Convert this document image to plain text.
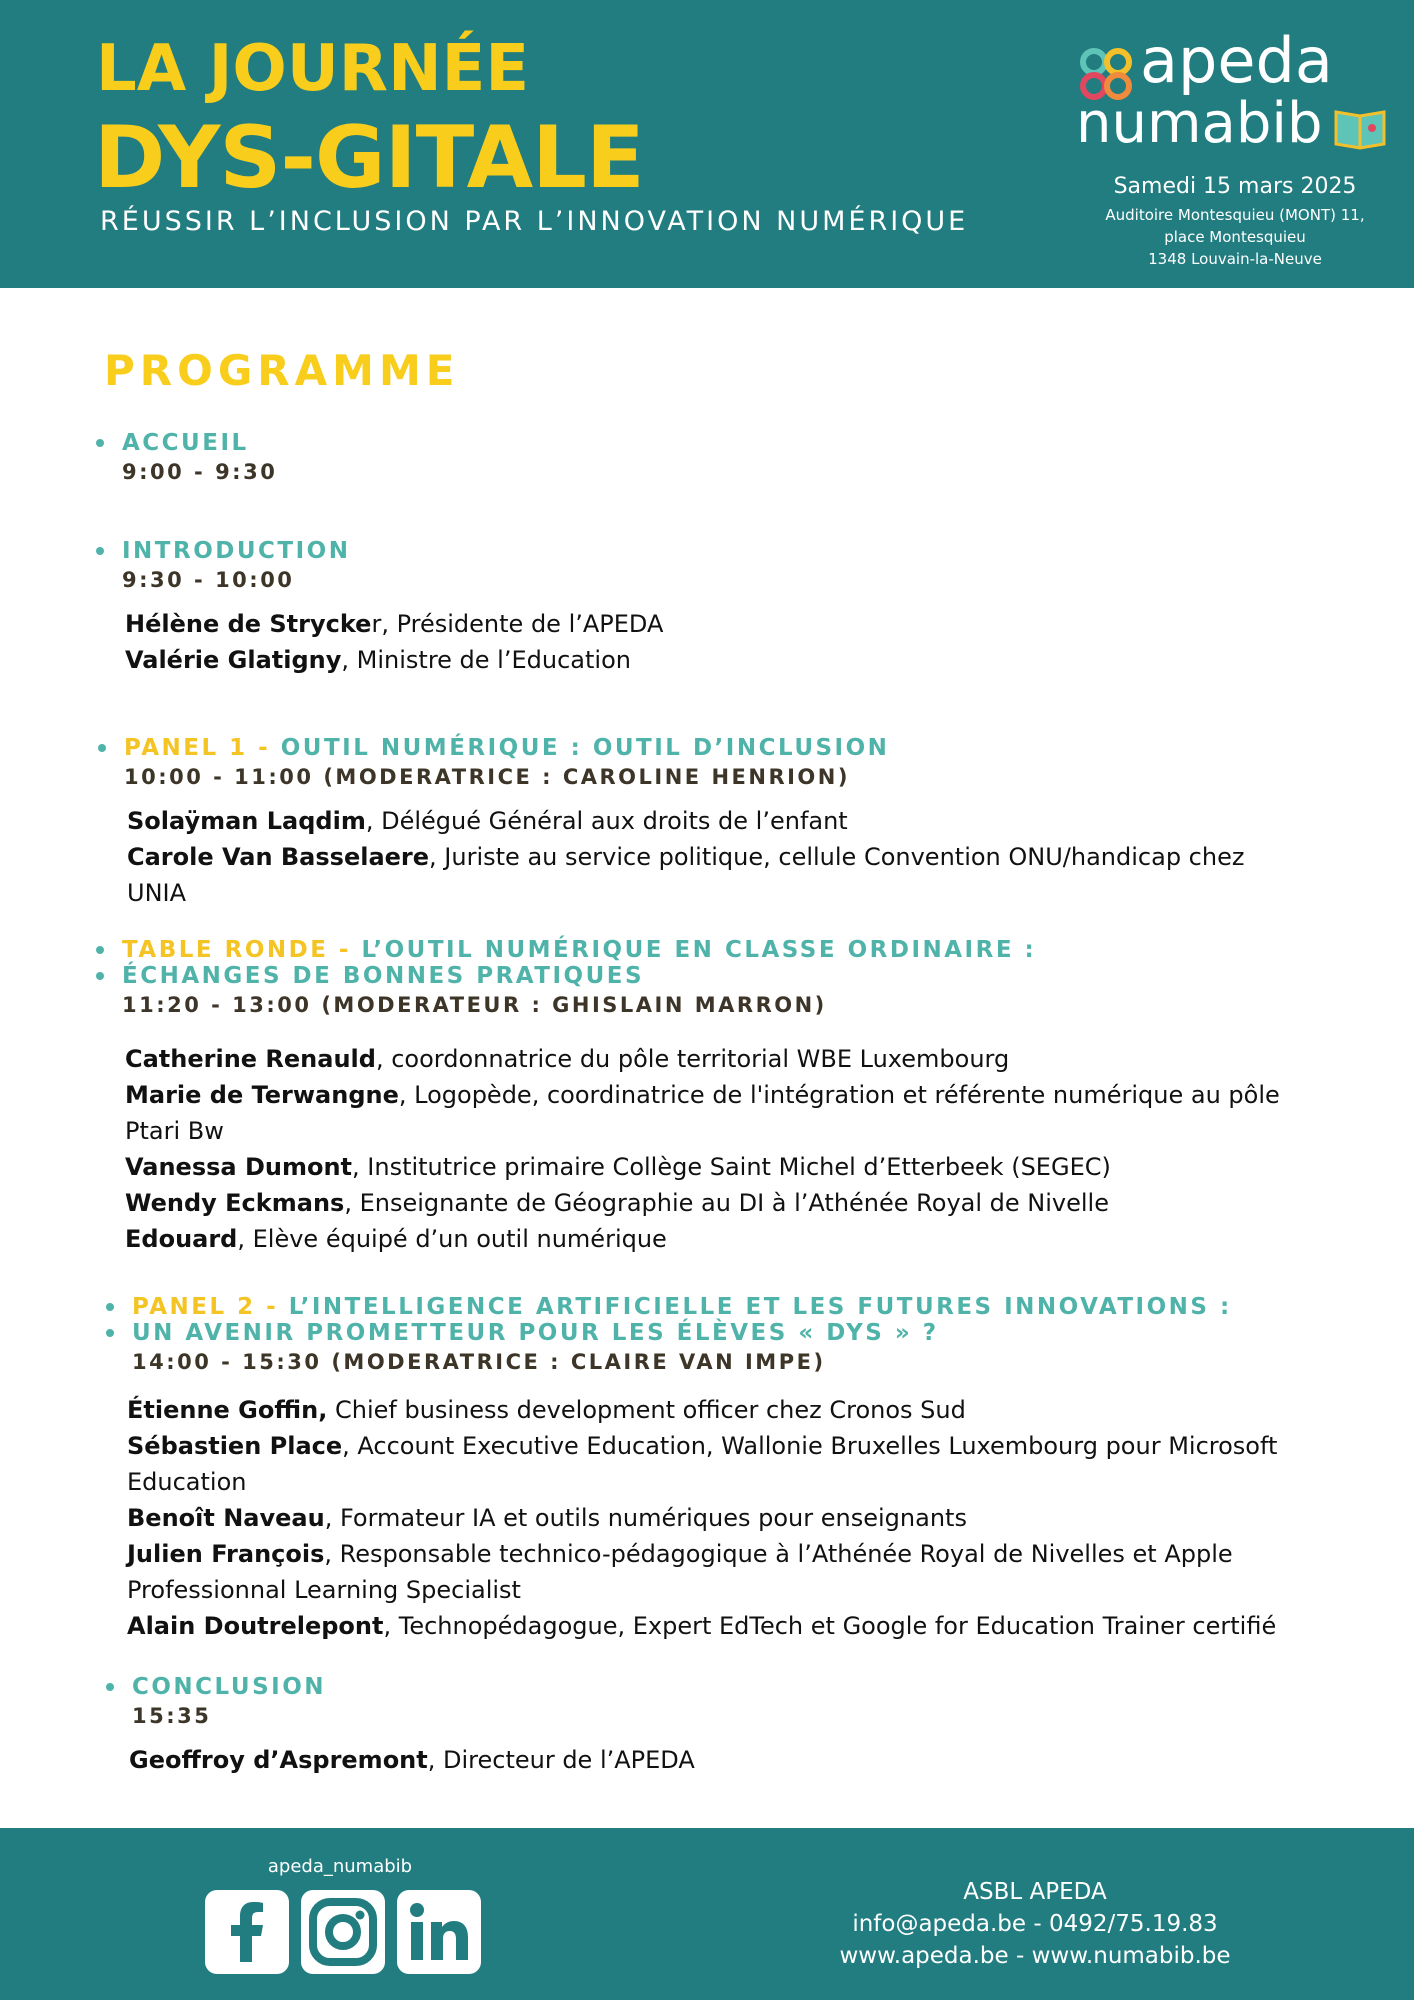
LA JOURNÉE
DYS-GITALE

RÉUSSIR L’INCLUSION PAR L’INNOVATION NUMÉRIQUE

apeda
numabib
Samedi 15 mars 2025
Auditoire Montesquieu (MONT) 11,
place Montesquieu
1348 Louvain-la-Neuve
PROGRAMME
ACCUEIL
9:00 - 9:30
INTRODUCTION
9:30 - 10:00
Hélène de Strycker, Présidente de l’APEDA
Valérie Glatigny, Ministre de l’Education
PANEL 1 - OUTIL NUMÉRIQUE : OUTIL D’INCLUSION
10:00 - 11:00 (MODERATRICE : CAROLINE HENRION)
Solaÿman Laqdim, Délégué Général aux droits de l’enfant
Carole Van Basselaere, Juriste au service politique, cellule Convention ONU/handicap chez UNIA
TABLE RONDE - L’OUTIL NUMÉRIQUE EN CLASSE ORDINAIRE :
ÉCHANGES DE BONNES PRATIQUES
11:20 - 13:00 (MODERATEUR : GHISLAIN MARRON)
Catherine Renauld, coordonnatrice du pôle territorial WBE Luxembourg
Marie de Terwangne, Logopède, coordinatrice de l'intégration et référente numérique au pôle Ptari Bw
Vanessa Dumont, Institutrice primaire Collège Saint Michel d’Etterbeek (SEGEC)
Wendy Eckmans, Enseignante de Géographie au DI à l’Athénée Royal de Nivelle
Edouard, Elève équipé d’un outil numérique
PANEL 2 - L’INTELLIGENCE ARTIFICIELLE ET LES FUTURES INNOVATIONS :
UN AVENIR PROMETTEUR POUR LES ÉLÈVES « DYS » ?
14:00 - 15:30 (MODERATRICE : CLAIRE VAN IMPE)
Étienne Goffin, Chief business development officer chez Cronos Sud
Sébastien Place, Account Executive Education, Wallonie Bruxelles Luxembourg pour Microsoft Education
Benoît Naveau, Formateur IA et outils numériques pour enseignants
Julien François, Responsable technico-pédagogique à l’Athénée Royal de Nivelles et Apple Professionnal Learning Specialist
Alain Doutrelepont, Technopédagogue, Expert EdTech et Google for Education Trainer certifié
CONCLUSION
15:35
Geoffroy d’Aspremont, Directeur de l’APEDA
apeda_numabib
ASBL APEDA
info@apeda.be - 0492/75.19.83
www.apeda.be - www.numabib.be
